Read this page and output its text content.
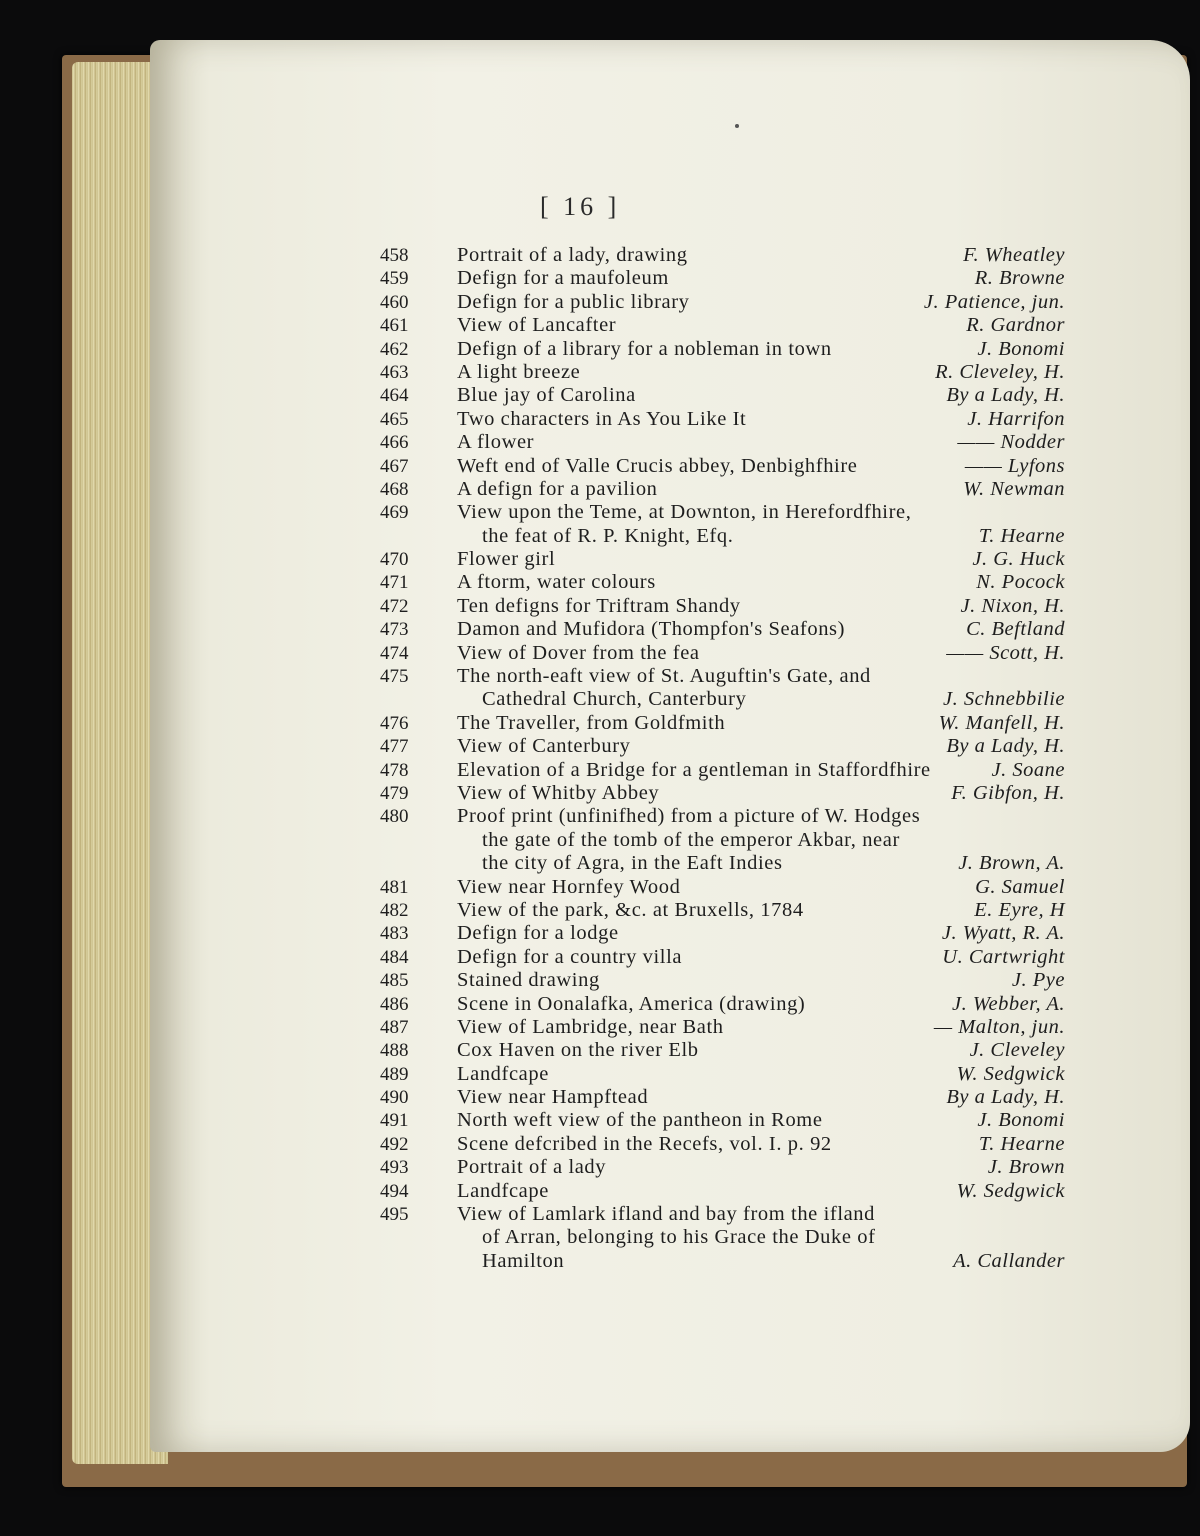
[ 16 ]
458	Portrait of a lady, drawing	F. Wheatley
459	Defign for a maufoleum	R. Browne
460	Defign for a public library	J. Patience, jun.
461	View of Lancafter	R. Gardnor
462	Defign of a library for a nobleman in town	J. Bonomi
463	A light breeze	R. Cleveley, H.
464	Blue jay of Carolina	By a Lady, H.
465	Two characters in As You Like It	J. Harrifon
466	A flower	—— Nodder
467	Weft end of Valle Crucis abbey, Denbighfhire	—— Lyfons
468	A defign for a pavilion	W. Newman
469	View upon the Teme, at Downton, in Herefordfhire,
the feat of R. P. Knight, Efq.	T. Hearne
470	Flower girl	J. G. Huck
471	A ftorm, water colours	N. Pocock
472	Ten defigns for Triftram Shandy	J. Nixon, H.
473	Damon and Mufidora (Thompfon's Seafons)	C. Beftland
474	View of Dover from the fea	—— Scott, H.
475	The north-eaft view of St. Auguftin's Gate, and
Cathedral Church, Canterbury	J. Schnebbilie
476	The Traveller, from Goldfmith	W. Manfell, H.
477	View of Canterbury	By a Lady, H.
478	Elevation of a Bridge for a gentleman in Staffordfhire	J. Soane
479	View of Whitby Abbey	F. Gibfon, H.
480	Proof print (unfinifhed) from a picture of W. Hodges
the gate of the tomb of the emperor Akbar, near
the city of Agra, in the Eaft Indies	J. Brown, A.
481	View near Hornfey Wood	G. Samuel
482	View of the park, &c. at Bruxells, 1784	E. Eyre, H
483	Defign for a lodge	J. Wyatt, R. A.
484	Defign for a country villa	U. Cartwright
485	Stained drawing	J. Pye
486	Scene in Oonalafka, America (drawing)	J. Webber, A.
487	View of Lambridge, near Bath	— Malton, jun.
488	Cox Haven on the river Elb	J. Cleveley
489	Landfcape	W. Sedgwick
490	View near Hampftead	By a Lady, H.
491	North weft view of the pantheon in Rome	J. Bonomi
492	Scene defcribed in the Recefs, vol. I. p. 92	T. Hearne
493	Portrait of a lady	J. Brown
494	Landfcape	W. Sedgwick
495	View of Lamlark ifland and bay from the ifland
of Arran, belonging to his Grace the Duke of
Hamilton	A. Callander
